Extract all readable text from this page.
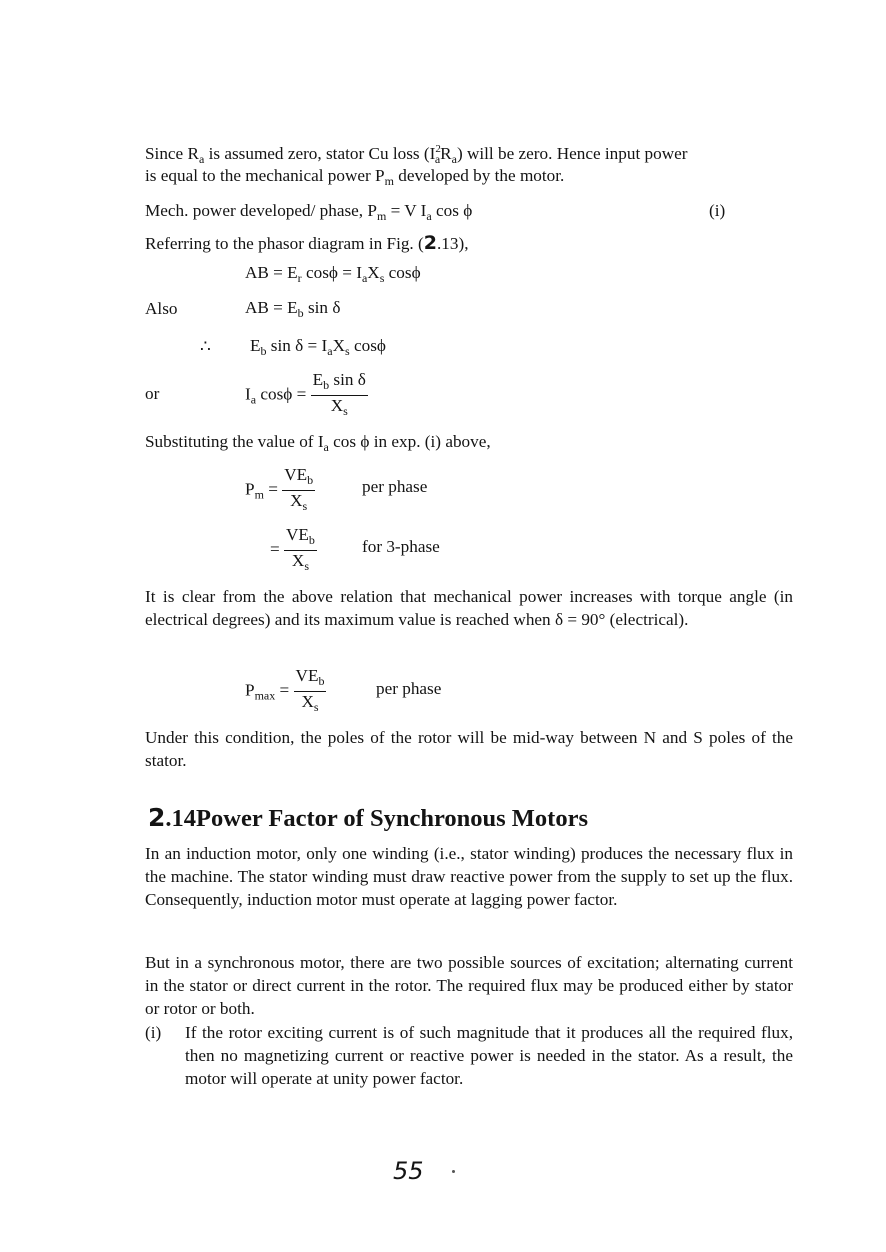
Since $R_a$ is assumed zero, stator Cu loss $(I^2_aR_a)$ will be zero. Hence input power
is equal to the mechanical power $P_m$ developed by the motor.
Mech. power developed/ phase, $P_m = V$ $I_a$ cos ϕ	(i)
Referring to the phasor diagram in Fig. (2.13),
AB = $E_r$ $\cos\phi = I_aX_s$ cosϕ
Also	AB = $E_b$ sin δ
∴ $E_b$ $\sin \delta = I_aX_s$ cosϕ
or	$I_a$ $\cos\phi = \frac{E_b \sin \delta}{X_s}$
Substituting the value of $I_a$ cos ϕ in exp. (i) above,
$P_m = \frac{VE_b}{X_s}$	per phase
= $\frac{VE_b}{X_s}$	for 3-phase
It is clear from the above relation that mechanical power increases with torque angle (in electrical degrees) and its maximum value is reached when δ = 90° (electrical).
$P_{max} = \frac{VE_b}{X_s}$	per phase
Under this condition, the poles of the rotor will be mid-way between N and S poles of the stator.
2.14Power Factor of Synchronous Motors
In an induction motor, only one winding (i.e., stator winding) produces the necessary flux in the machine. The stator winding must draw reactive power from the supply to set up the flux. Consequently, induction motor must operate at lagging power factor.
But in a synchronous motor, there are two possible sources of excitation; alternating current in the stator or direct current in the rotor. The required flux may be produced either by stator or rotor or both.
(i) If the rotor exciting current is of such magnitude that it produces all the required flux, then no magnetizing current or reactive power is needed in the stator. As a result, the motor will operate at unity power factor.
55
